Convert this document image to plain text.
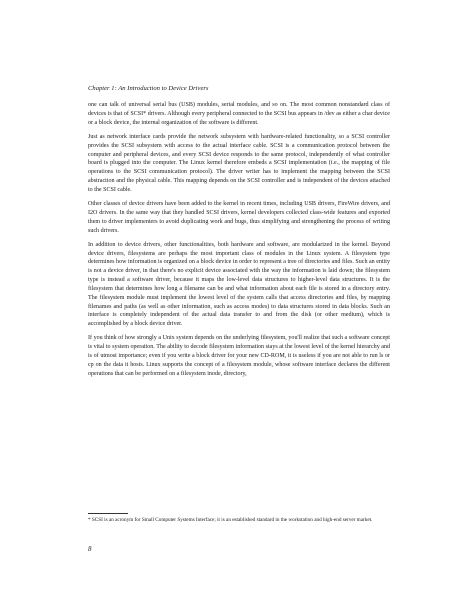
Chapter 1: An Introduction to Device Drivers

one can talk of universal serial bus (USB) modules, serial modules, and so on. The most common nonstandard class of devices is that of SCSI* drivers. Although every peripheral connected to the SCSI bus appears in /dev as either a char device or a block device, the internal organization of the software is different.

Just as network interface cards provide the network subsystem with hardware-related functionality, so a SCSI controller provides the SCSI subsystem with access to the actual interface cable. SCSI is a communication protocol between the computer and peripheral devices, and every SCSI device responds to the same protocol, independently of what controller board is plugged into the computer. The Linux kernel therefore embeds a SCSI implementation (i.e., the mapping of file operations to the SCSI communication protocol). The driver writer has to implement the mapping between the SCSI abstraction and the physical cable. This mapping depends on the SCSI controller and is independent of the devices attached to the SCSI cable.

Other classes of device drivers have been added to the kernel in recent times, including USB drivers, FireWire drivers, and I2O drivers. In the same way that they handled SCSI drivers, kernel developers collected class-wide features and exported them to driver implementers to avoid duplicating work and bugs, thus simplifying and strengthening the process of writing such drivers.

In addition to device drivers, other functionalities, both hardware and software, are modularized in the kernel. Beyond device drivers, filesystems are perhaps the most important class of modules in the Linux system. A filesystem type determines how information is organized on a block device in order to represent a tree of directories and files. Such an entity is not a device driver, in that there's no explicit device associated with the way the information is laid down; the filesystem type is instead a software driver, because it maps the low-level data structures to higher-level data structures. It is the filesystem that determines how long a filename can be and what information about each file is stored in a directory entry. The filesystem module must implement the lowest level of the system calls that access directories and files, by mapping filenames and paths (as well as other information, such as access modes) to data structures stored in data blocks. Such an interface is completely independent of the actual data transfer to and from the disk (or other medium), which is accomplished by a block device driver.

If you think of how strongly a Unix system depends on the underlying filesystem, you'll realize that such a software concept is vital to system operation. The ability to decode filesystem information stays at the lowest level of the kernel hierarchy and is of utmost importance; even if you write a block driver for your new CD-ROM, it is useless if you are not able to run ls or cp on the data it hosts. Linux supports the concept of a filesystem module, whose software interface declares the different operations that can be performed on a filesystem inode, directory,

* SCSI is an acronym for Small Computer Systems Interface; it is an established standard in the workstation and high-end server market.
8
